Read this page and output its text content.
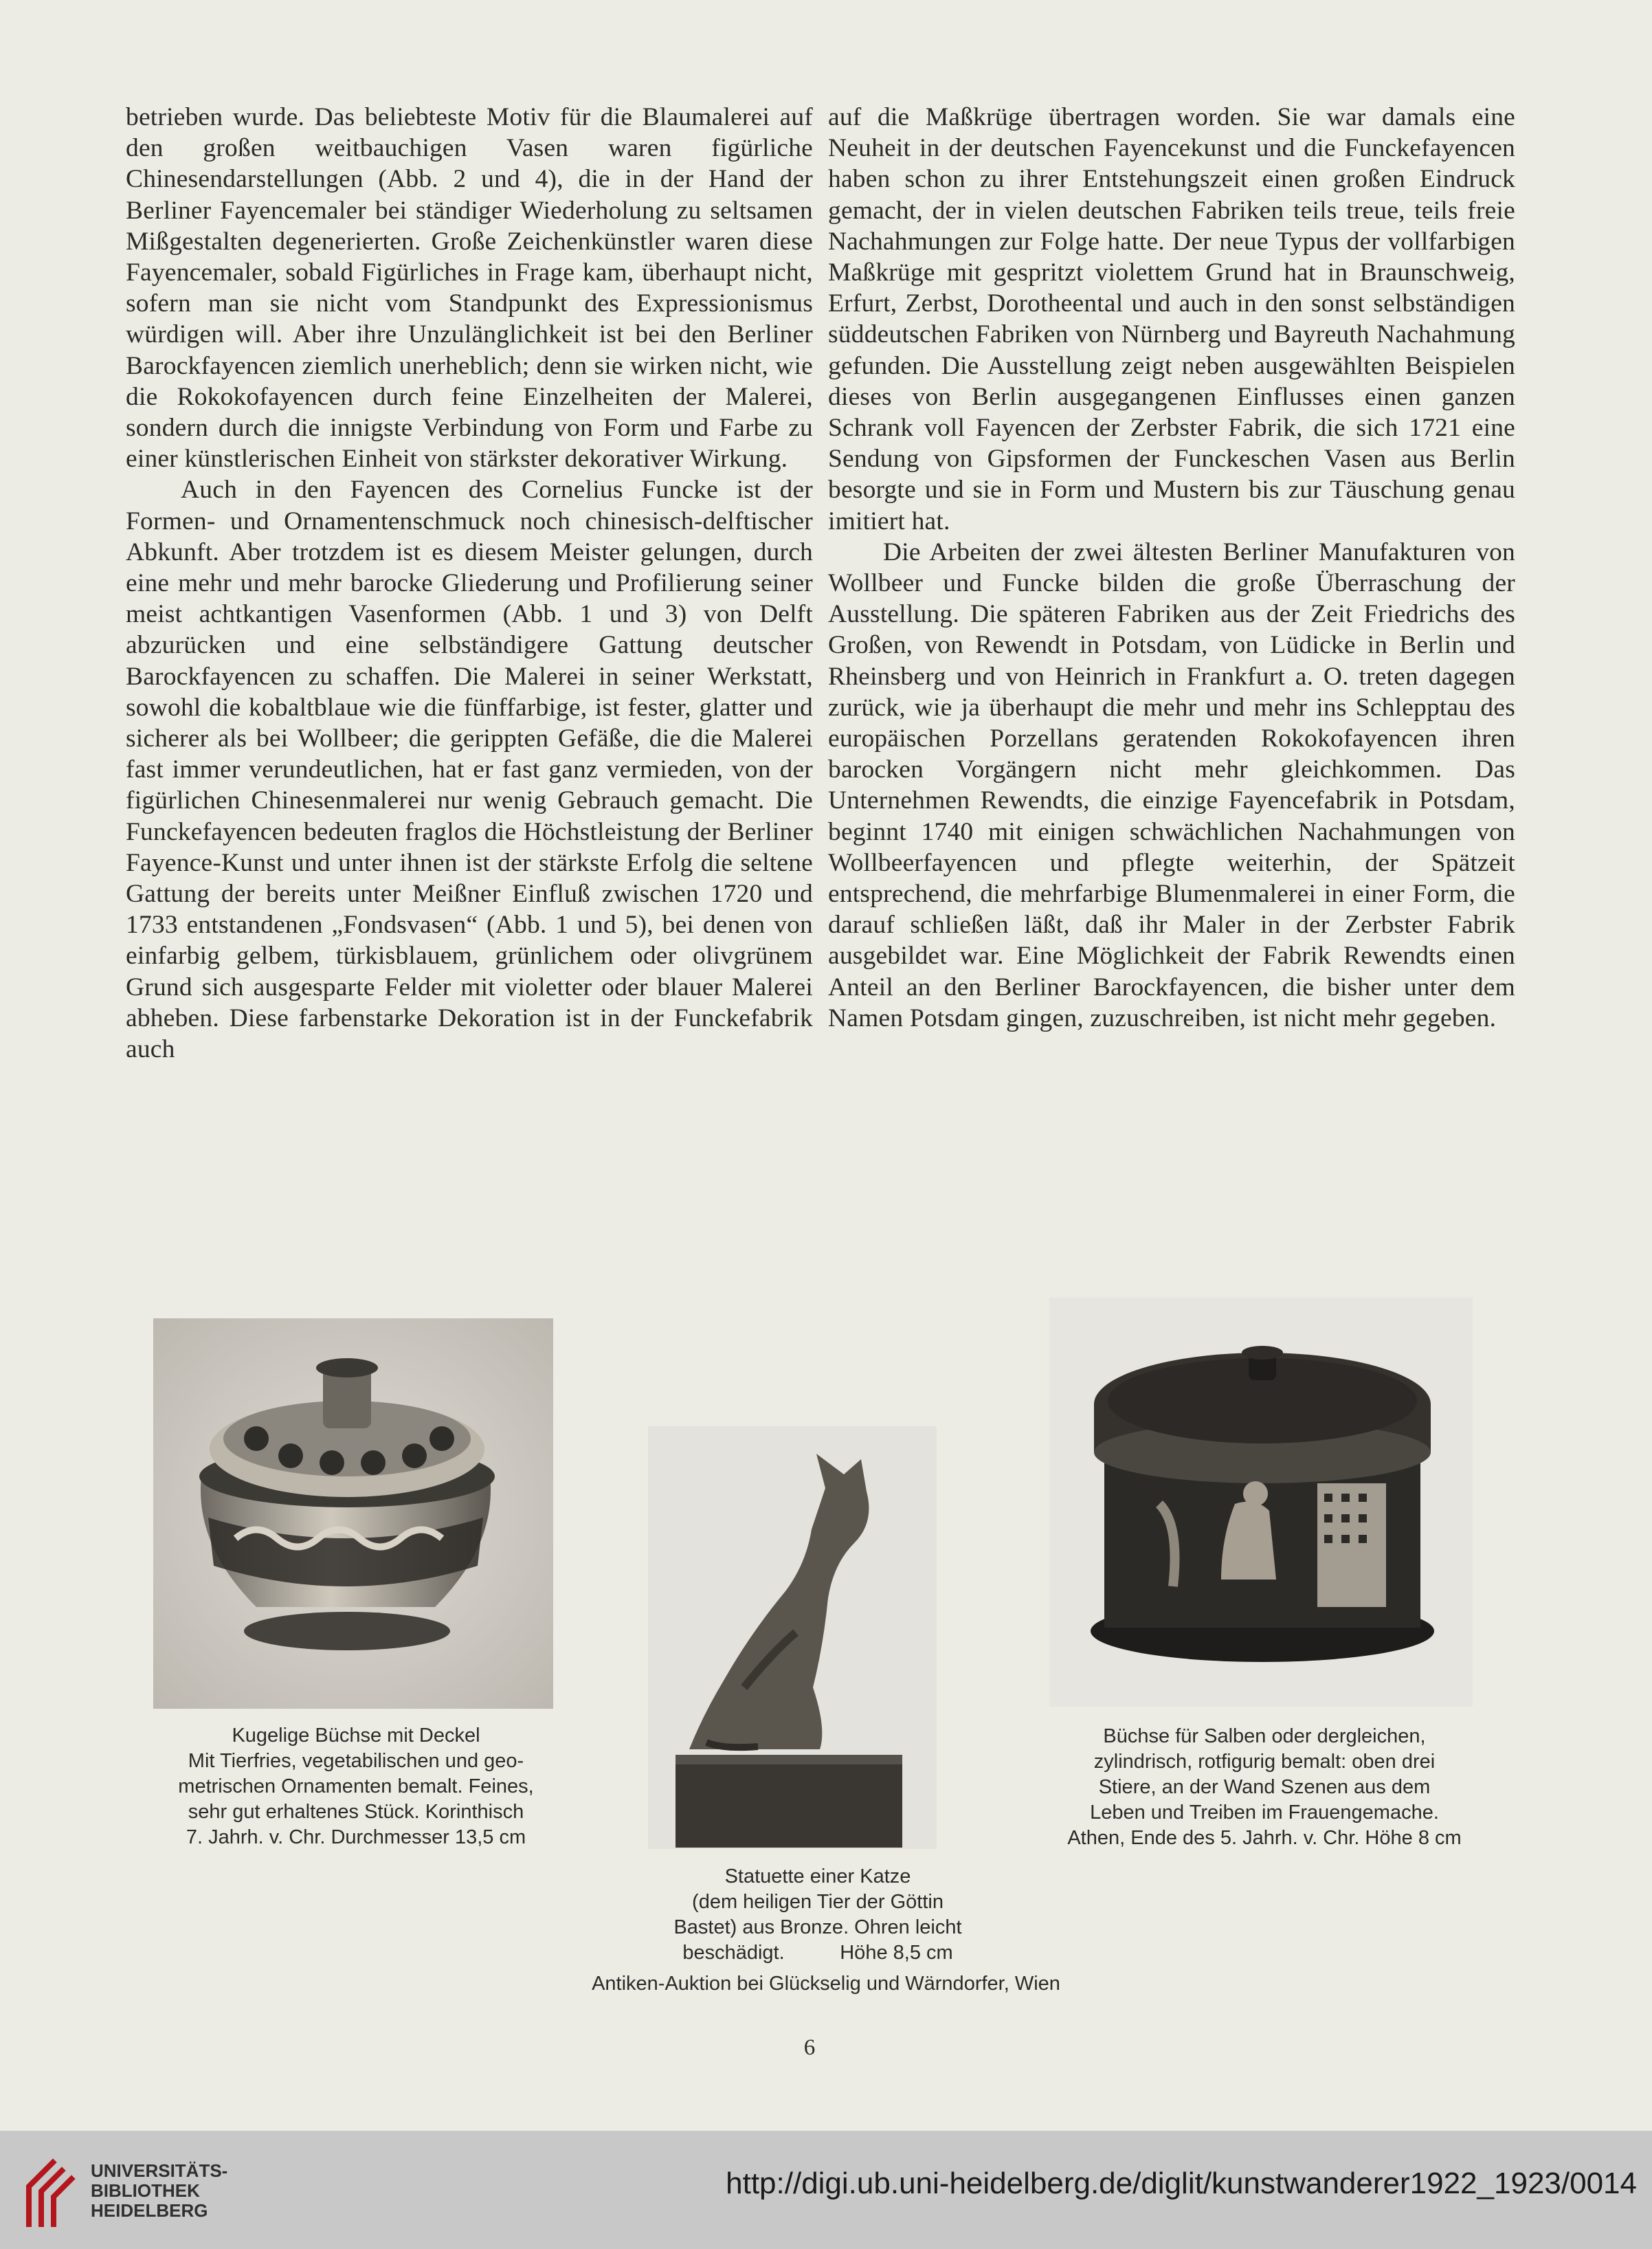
betrieben wurde. Das beliebteste Motiv für die Blaumalerei auf den großen weitbauchigen Vasen waren figürliche Chinesendarstellungen (Abb. 2 und 4), die in der Hand der Berliner Fayencemaler bei ständiger Wiederholung zu seltsamen Mißgestalten degenerierten. Große Zeichenkünstler waren diese Fayencemaler, sobald Figürliches in Frage kam, überhaupt nicht, sofern man sie nicht vom Standpunkt des Expressionismus würdigen will. Aber ihre Unzulänglichkeit ist bei den Berliner Barockfayencen ziemlich unerheblich; denn sie wirken nicht, wie die Rokokofayencen durch feine Einzelheiten der Malerei, sondern durch die innigste Verbindung von Form und Farbe zu einer künstlerischen Einheit von stärkster dekorativer Wirkung.

Auch in den Fayencen des Cornelius Funcke ist der Formen- und Ornamentenschmuck noch chinesisch-delftischer Abkunft. Aber trotzdem ist es diesem Meister gelungen, durch eine mehr und mehr barocke Gliederung und Profilierung seiner meist achtkantigen Vasenformen (Abb. 1 und 3) von Delft abzurücken und eine selbständigere Gattung deutscher Barockfayencen zu schaffen. Die Malerei in seiner Werkstatt, sowohl die kobaltblaue wie die fünffarbige, ist fester, glatter und sicherer als bei Wollbeer; die gerippten Gefäße, die die Malerei fast immer verundeutlichen, hat er fast ganz vermieden, von der figürlichen Chinesenmalerei nur wenig Gebrauch gemacht. Die Funckefayencen bedeuten fraglos die Höchstleistung der Berliner Fayence-Kunst und unter ihnen ist der stärkste Erfolg die seltene Gattung der bereits unter Meißner Einfluß zwischen 1720 und 1733 entstandenen „Fondsvasen“ (Abb. 1 und 5), bei denen von einfarbig gelbem, türkisblauem, grünlichem oder olivgrünem Grund sich ausgesparte Felder mit violetter oder blauer Malerei abheben. Diese farbenstarke Dekoration ist in der Funckefabrik auch

auf die Maßkrüge übertragen worden. Sie war damals eine Neuheit in der deutschen Fayencekunst und die Funckefayencen haben schon zu ihrer Entstehungszeit einen großen Eindruck gemacht, der in vielen deutschen Fabriken teils treue, teils freie Nachahmungen zur Folge hatte. Der neue Typus der vollfarbigen Maßkrüge mit gespritzt violettem Grund hat in Braunschweig, Erfurt, Zerbst, Dorotheental und auch in den sonst selbständigen süddeutschen Fabriken von Nürnberg und Bayreuth Nachahmung gefunden. Die Ausstellung zeigt neben ausgewählten Beispielen dieses von Berlin ausgegangenen Einflusses einen ganzen Schrank voll Fayencen der Zerbster Fabrik, die sich 1721 eine Sendung von Gipsformen der Funckeschen Vasen aus Berlin besorgte und sie in Form und Mustern bis zur Täuschung genau imitiert hat.

Die Arbeiten der zwei ältesten Berliner Manufakturen von Wollbeer und Funcke bilden die große Überraschung der Ausstellung. Die späteren Fabriken aus der Zeit Friedrichs des Großen, von Rewendt in Potsdam, von Lüdicke in Berlin und Rheinsberg und von Heinrich in Frankfurt a. O. treten dagegen zurück, wie ja überhaupt die mehr und mehr ins Schlepptau des europäischen Porzellans geratenden Rokokofayencen ihren barocken Vorgängern nicht mehr gleichkommen. Das Unternehmen Rewendts, die einzige Fayencefabrik in Potsdam, beginnt 1740 mit einigen schwächlichen Nachahmungen von Wollbeerfayencen und pflegte weiterhin, der Spätzeit entsprechend, die mehrfarbige Blumenmalerei in einer Form, die darauf schließen läßt, daß ihr Maler in der Zerbster Fabrik ausgebildet war. Eine Möglichkeit der Fabrik Rewendts einen Anteil an den Berliner Barockfayencen, die bisher unter dem Namen Potsdam gingen, zuzuschreiben, ist nicht mehr gegeben.

Kugelige Büchse mit Deckel
Mit Tierfries, vegetabilischen und geo-
metrischen Ornamenten bemalt. Feines,
sehr gut erhaltenes Stück. Korinthisch
7. Jahrh. v. Chr. Durchmesser 13,5 cm
Statuette einer Katze
(dem heiligen Tier der Göttin
Bastet) aus Bronze. Ohren leicht
beschädigt.          Höhe 8,5 cm
Büchse für Salben oder dergleichen,
zylindrisch, rotfigurig bemalt: oben drei
Stiere, an der Wand Szenen aus dem
Leben und Treiben im Frauengemache.
Athen, Ende des 5. Jahrh. v. Chr. Höhe 8 cm
Antiken-Auktion bei Glückselig und Wärndorfer, Wien
6
UNIVERSITÄTS-
BIBLIOTHEK
HEIDELBERG
http://digi.ub.uni-heidelberg.de/diglit/kunstwanderer1922_1923/0014
